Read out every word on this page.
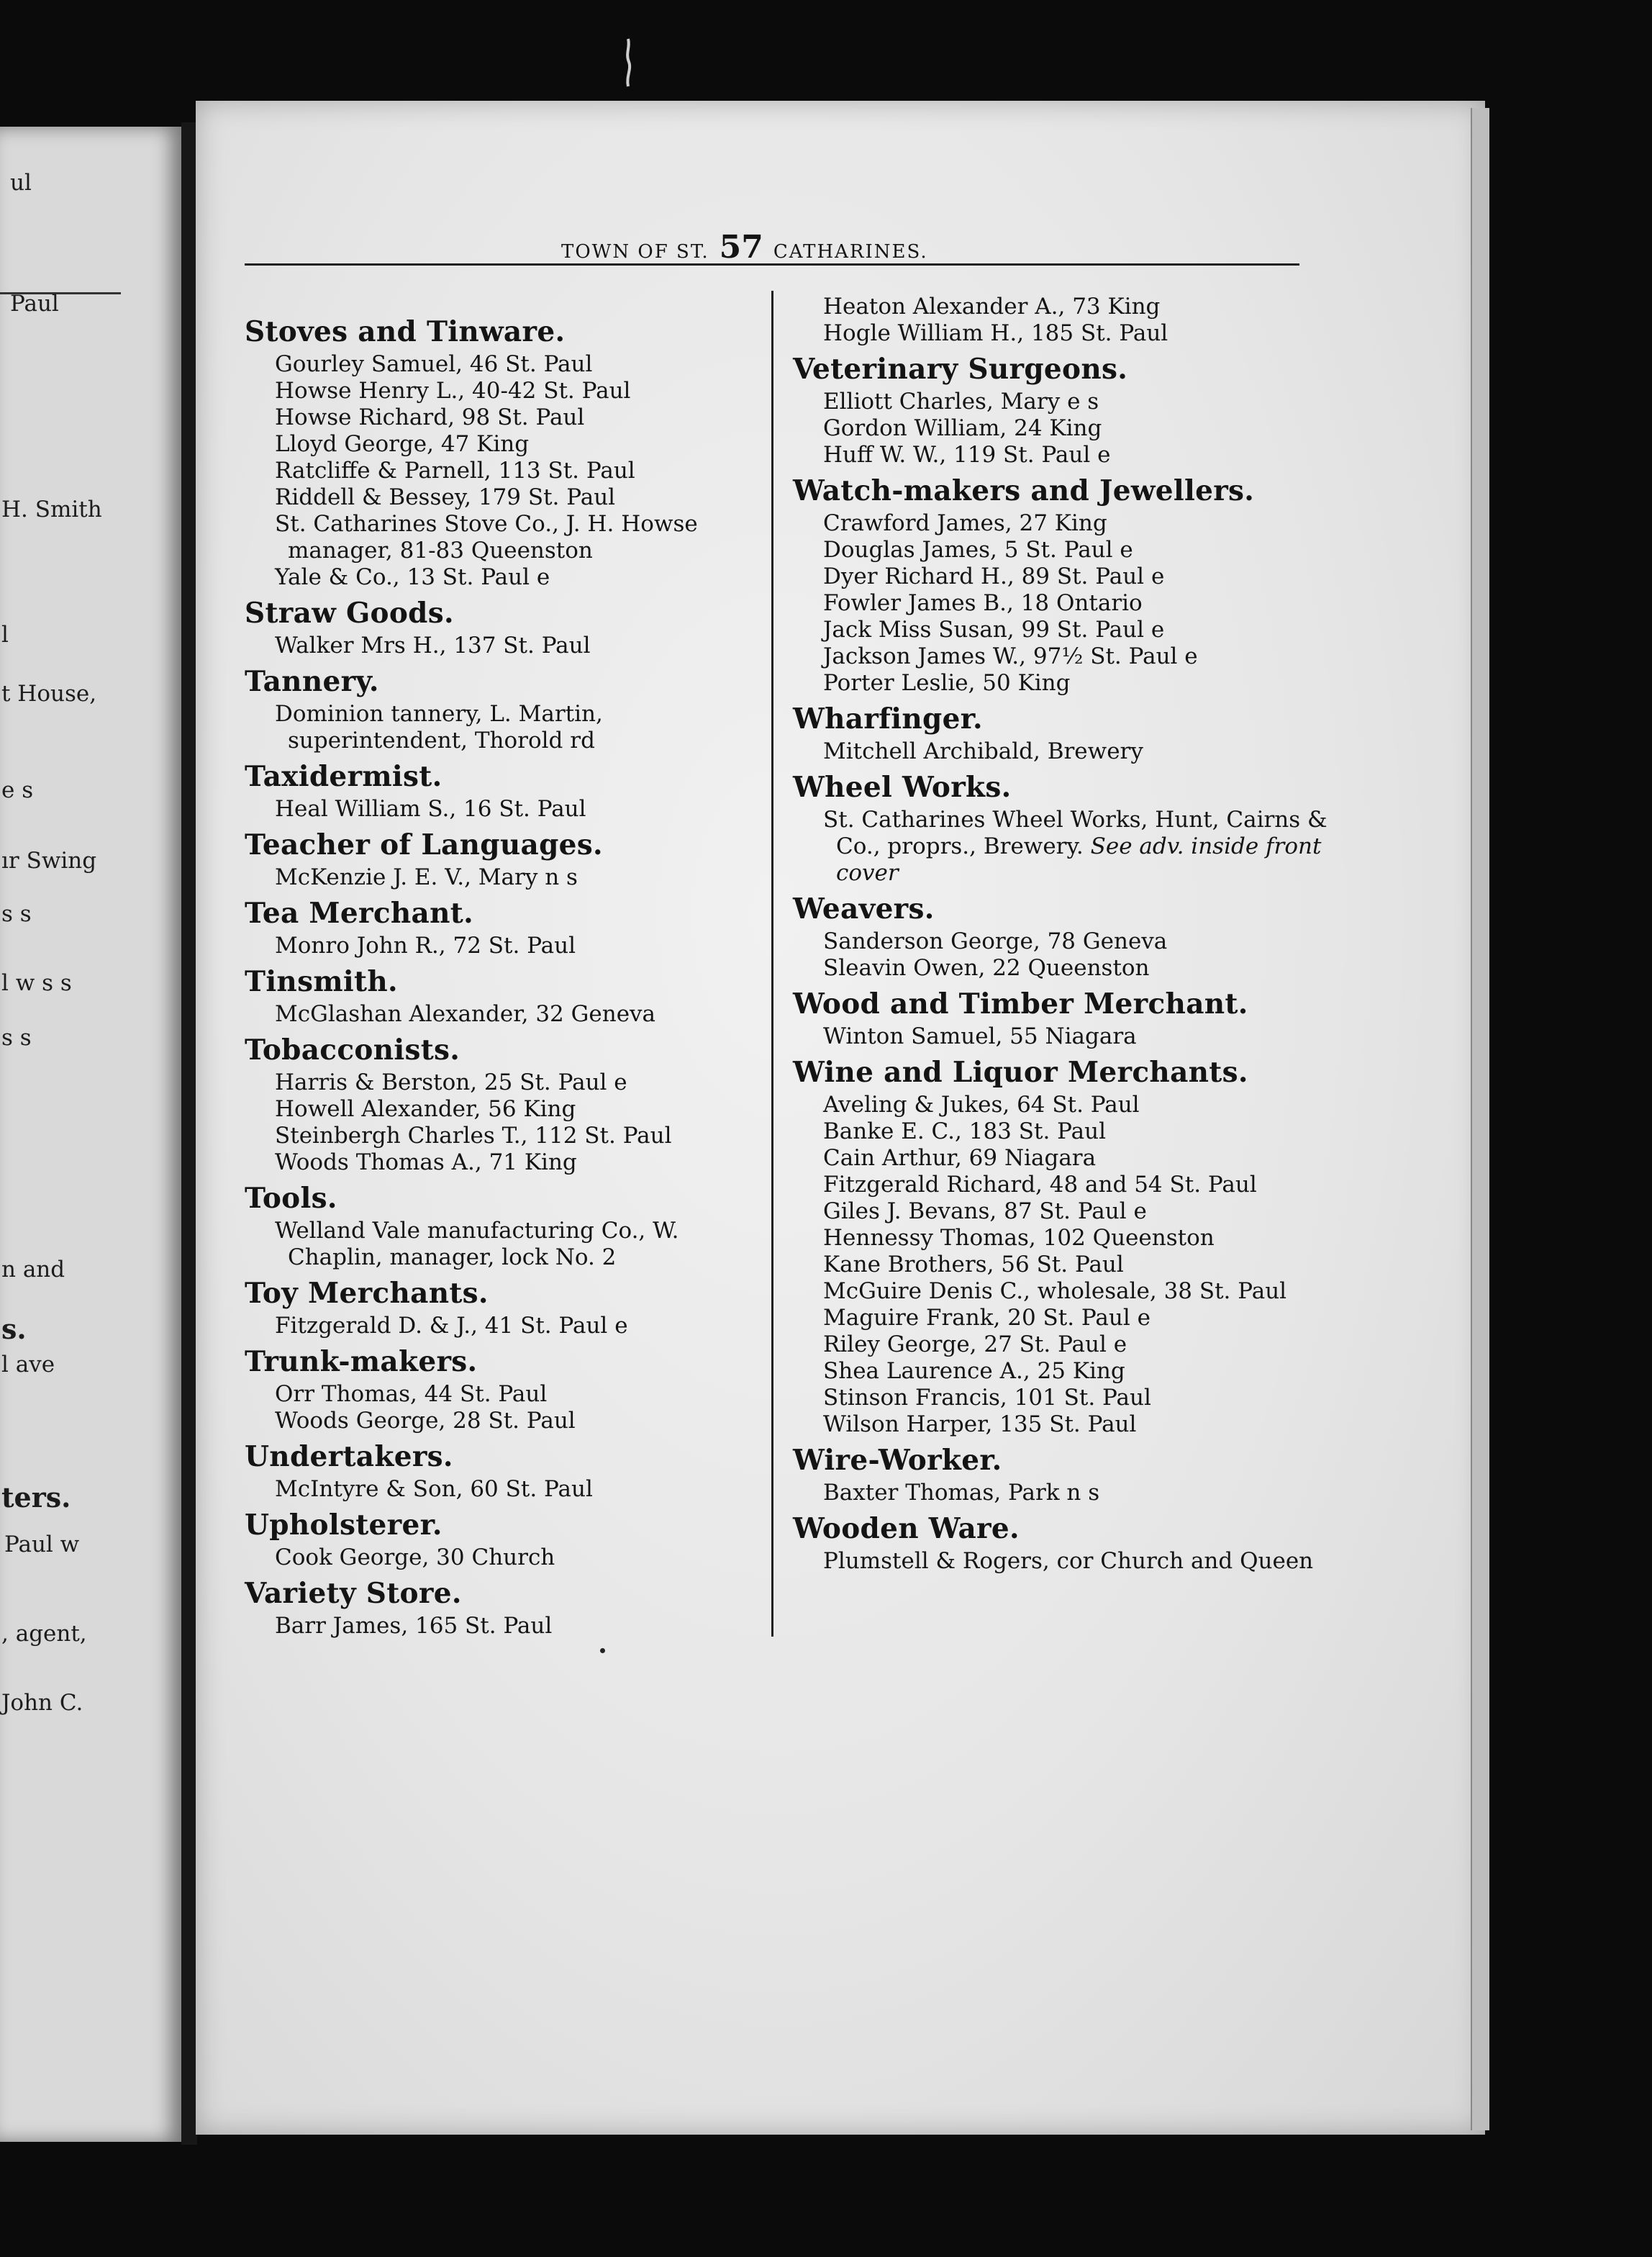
ul
Paul
H. Smith
l
t House,
e s
ır Swing
s s
l w s s
s s
n and
s.
l ave
ters.
Paul w
, agent,
John C.
TOWN OF ST. 57 CATHARINES.
Stoves and Tinware.
Gourley Samuel, 46 St. Paul
Howse Henry L., 40-42 St. Paul
Howse Richard, 98 St. Paul
Lloyd George, 47 King
Ratcliffe & Parnell, 113 St. Paul
Riddell & Bessey, 179 St. Paul
St. Catharines Stove Co., J. H. Howse manager, 81-83 Queenston
Yale & Co., 13 St. Paul e
Straw Goods.
Walker Mrs H., 137 St. Paul
Tannery.
Dominion tannery, L. Martin, superintendent, Thorold rd
Taxidermist.
Heal William S., 16 St. Paul
Teacher of Languages.
McKenzie J. E. V., Mary n s
Tea Merchant.
Monro John R., 72 St. Paul
Tinsmith.
McGlashan Alexander, 32 Geneva
Tobacconists.
Harris & Berston, 25 St. Paul e
Howell Alexander, 56 King
Steinbergh Charles T., 112 St. Paul
Woods Thomas A., 71 King
Tools.
Welland Vale manufacturing Co., W. Chaplin, manager, lock No. 2
Toy Merchants.
Fitzgerald D. & J., 41 St. Paul e
Trunk-makers.
Orr Thomas, 44 St. Paul
Woods George, 28 St. Paul
Undertakers.
McIntyre & Son, 60 St. Paul
Upholsterer.
Cook George, 30 Church
Variety Store.
Barr James, 165 St. Paul
Heaton Alexander A., 73 King
Hogle William H., 185 St. Paul
Veterinary Surgeons.
Elliott Charles, Mary e s
Gordon William, 24 King
Huff W. W., 119 St. Paul e
Watch-makers and Jewellers.
Crawford James, 27 King
Douglas James, 5 St. Paul e
Dyer Richard H., 89 St. Paul e
Fowler James B., 18 Ontario
Jack Miss Susan, 99 St. Paul e
Jackson James W., 97½ St. Paul e
Porter Leslie, 50 King
Wharfinger.
Mitchell Archibald, Brewery
Wheel Works.
St. Catharines Wheel Works, Hunt, Cairns & Co., proprs., Brewery. See adv. inside front cover
Weavers.
Sanderson George, 78 Geneva
Sleavin Owen, 22 Queenston
Wood and Timber Merchant.
Winton Samuel, 55 Niagara
Wine and Liquor Merchants.
Aveling & Jukes, 64 St. Paul
Banke E. C., 183 St. Paul
Cain Arthur, 69 Niagara
Fitzgerald Richard, 48 and 54 St. Paul
Giles J. Bevans, 87 St. Paul e
Hennessy Thomas, 102 Queenston
Kane Brothers, 56 St. Paul
McGuire Denis C., wholesale, 38 St. Paul
Maguire Frank, 20 St. Paul e
Riley George, 27 St. Paul e
Shea Laurence A., 25 King
Stinson Francis, 101 St. Paul
Wilson Harper, 135 St. Paul
Wire-Worker.
Baxter Thomas, Park n s
Wooden Ware.
Plumstell & Rogers, cor Church and Queen
